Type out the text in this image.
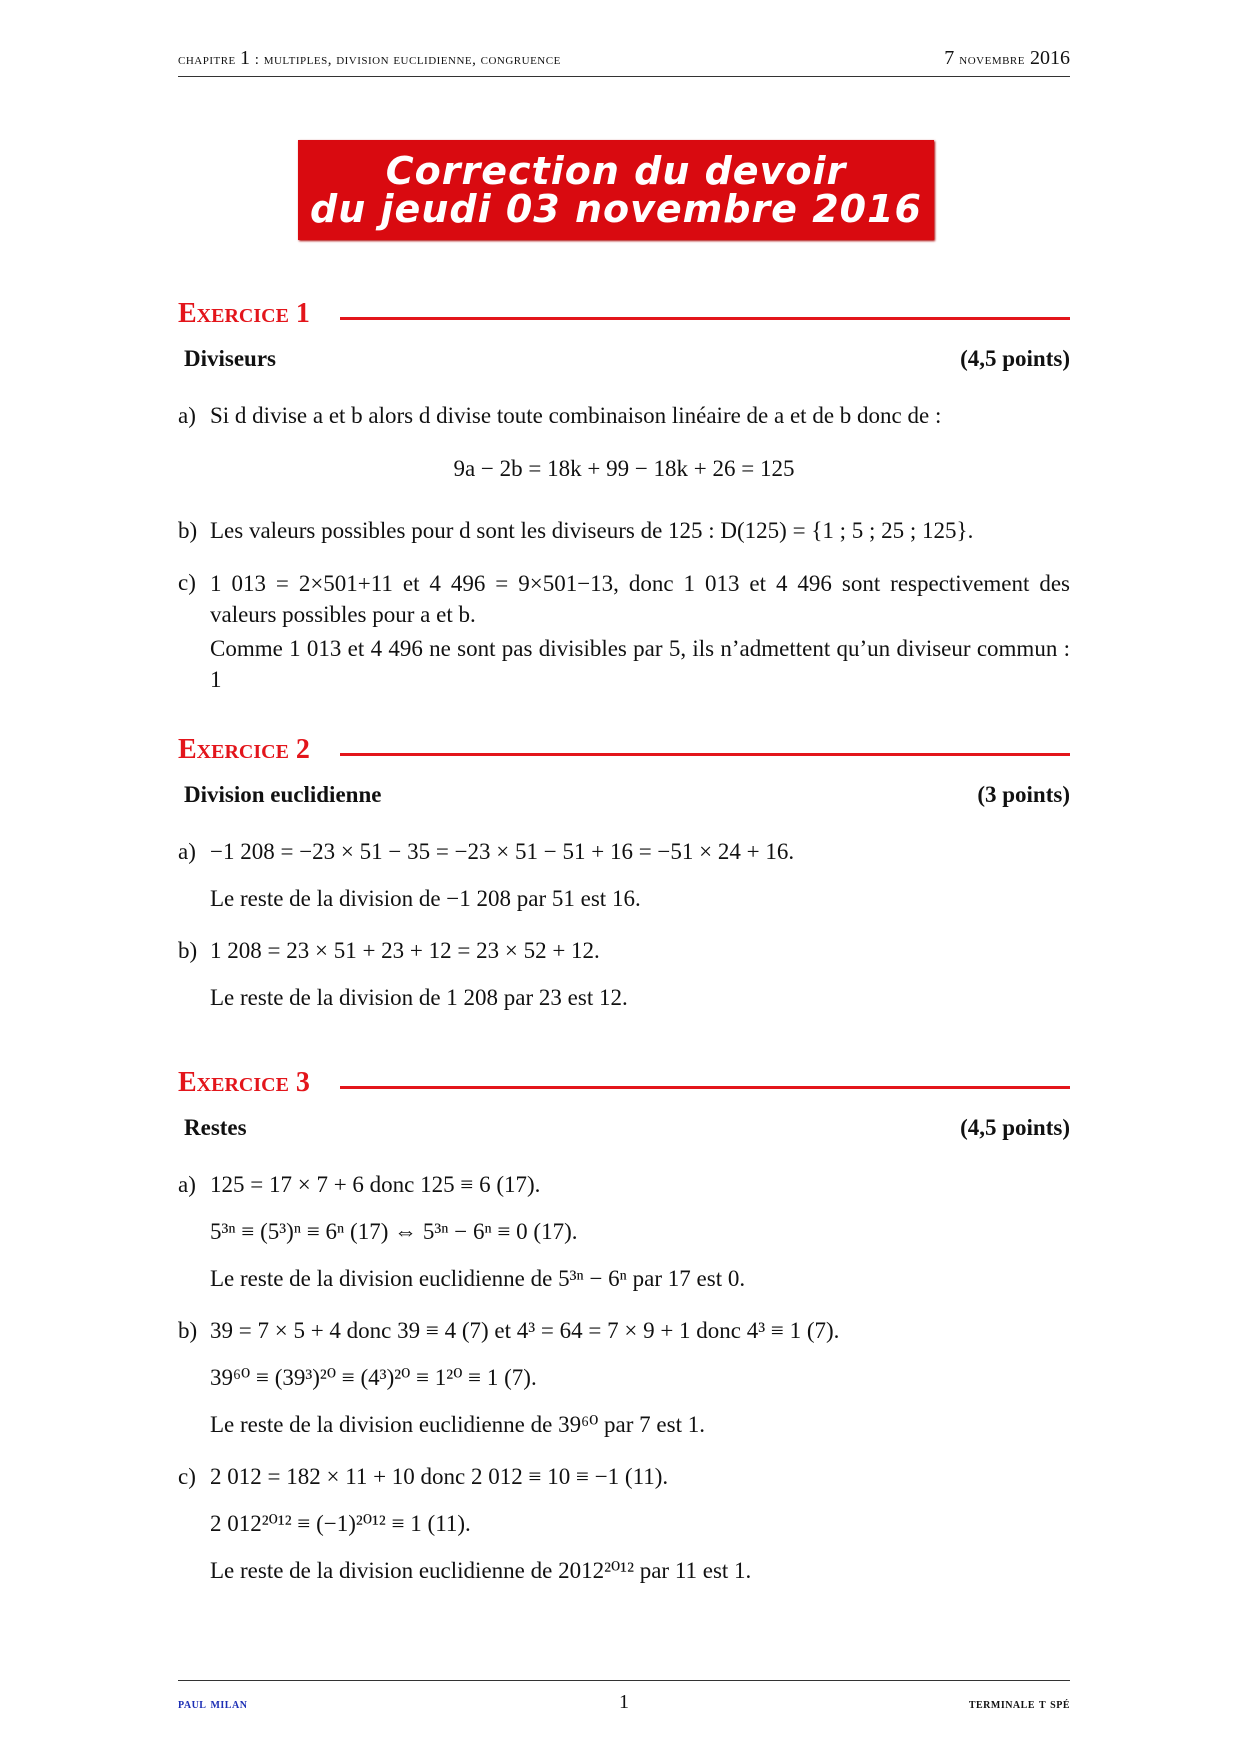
chapitre 1 : multiples, division euclidienne, congruence	7 novembre 2016
Correction du devoir
du jeudi 03 novembre 2016
Exercice 1
Diviseurs	(4,5 points)
a) Si d divise a et b alors d divise toute combinaison linéaire de a et de b donc de :
9a − 2b = 18k + 99 − 18k + 26 = 125
b) Les valeurs possibles pour d sont les diviseurs de 125 : D(125) = {1 ; 5 ; 25 ; 125}.
c) 1 013 = 2×501+11 et 4 496 = 9×501−13, donc 1 013 et 4 496 sont respectivement des valeurs possibles pour a et b.
Comme 1 013 et 4 496 ne sont pas divisibles par 5, ils n’admettent qu’un diviseur commun : 1
Exercice 2
Division euclidienne	(3 points)
a) −1 208 = −23 × 51 − 35 = −23 × 51 − 51 + 16 = −51 × 24 + 16.
Le reste de la division de −1 208 par 51 est 16.
b) 1 208 = 23 × 51 + 23 + 12 = 23 × 52 + 12.
Le reste de la division de 1 208 par 23 est 12.
Exercice 3
Restes	(4,5 points)
a) 125 = 17 × 7 + 6 donc 125 ≡ 6 (17).
5³ⁿ ≡ (5³)ⁿ ≡ 6ⁿ (17) ⇔ 5³ⁿ − 6ⁿ ≡ 0 (17).
Le reste de la division euclidienne de 5³ⁿ − 6ⁿ par 17 est 0.
b) 39 = 7 × 5 + 4 donc 39 ≡ 4 (7) et 4³ = 64 = 7 × 9 + 1 donc 4³ ≡ 1 (7).
39⁶⁰ ≡ (39³)²⁰ ≡ (4³)²⁰ ≡ 1²⁰ ≡ 1 (7).
Le reste de la division euclidienne de 39⁶⁰ par 7 est 1.
c) 2 012 = 182 × 11 + 10 donc 2 012 ≡ 10 ≡ −1 (11).
2 012²⁰¹² ≡ (−1)²⁰¹² ≡ 1 (11).
Le reste de la division euclidienne de 2012²⁰¹² par 11 est 1.
paul milan	1	terminale t spé
